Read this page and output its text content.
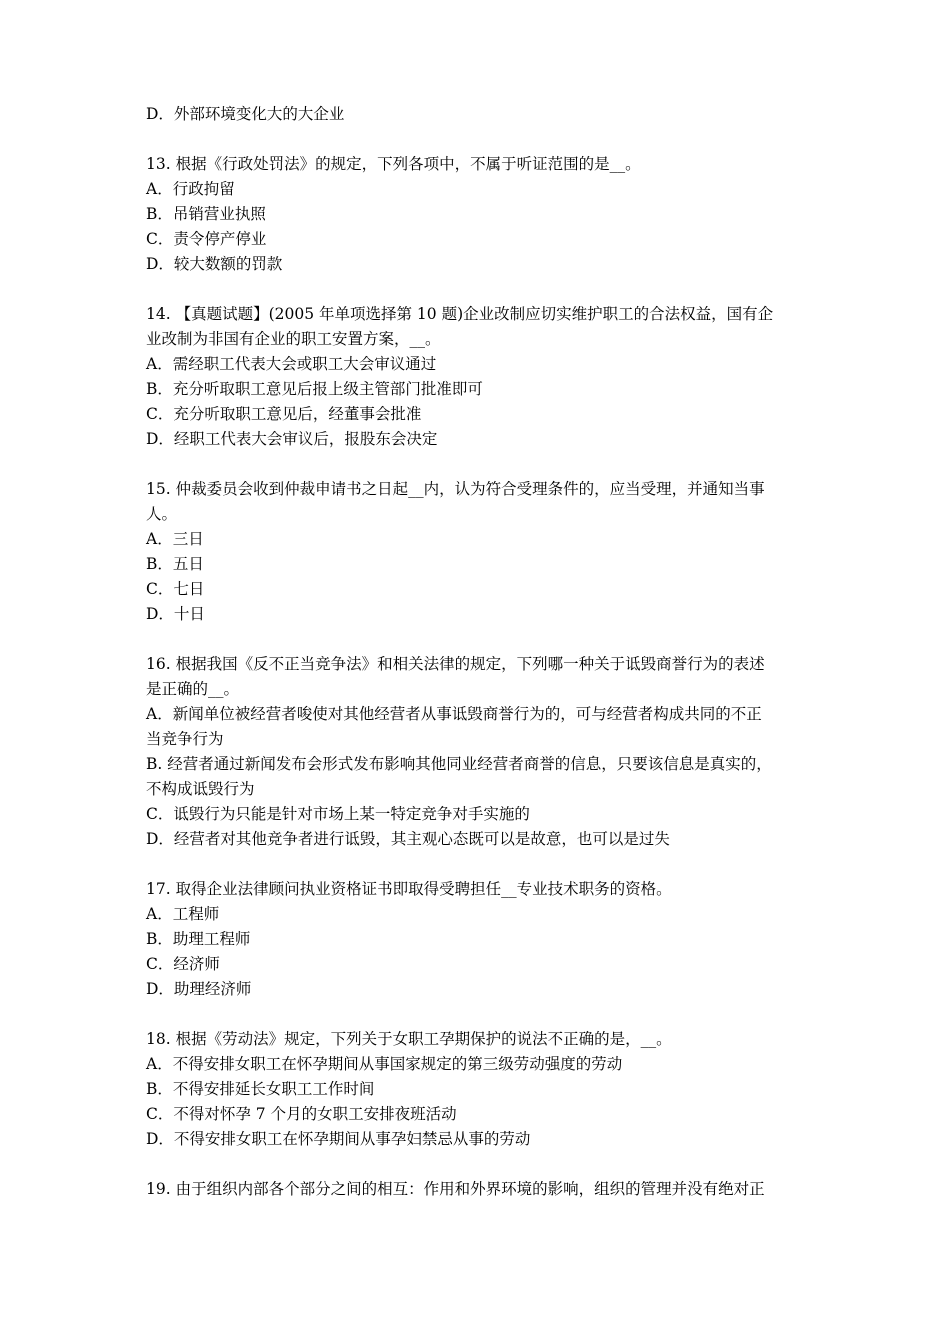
D．外部环境变化大的大企业
13. 根据《行政处罚法》的规定，下列各项中，不属于听证范围的是__。
A．行政拘留
B．吊销营业执照
C．责令停产停业
D．较大数额的罚款
14. 【真题试题】(2005 年单项选择第 10 题)企业改制应切实维护职工的合法权益，国有企
业改制为非国有企业的职工安置方案，__。
A．需经职工代表大会或职工大会审议通过
B．充分听取职工意见后报上级主管部门批准即可
C．充分听取职工意见后，经董事会批准
D．经职工代表大会审议后，报股东会决定
15. 仲裁委员会收到仲裁申请书之日起__内，认为符合受理条件的，应当受理，并通知当事
人。
A．三日
B．五日
C．七日
D．十日
16. 根据我国《反不正当竞争法》和相关法律的规定，下列哪一种关于诋毁商誉行为的表述
是正确的__。
A．新闻单位被经营者唆使对其他经营者从事诋毁商誉行为的，可与经营者构成共同的不正
当竞争行为
B. 经营者通过新闻发布会形式发布影响其他同业经营者商誉的信息，只要该信息是真实的，
不构成诋毁行为
C．诋毁行为只能是针对市场上某一特定竞争对手实施的
D．经营者对其他竞争者进行诋毁，其主观心态既可以是故意，也可以是过失
17. 取得企业法律顾问执业资格证书即取得受聘担任__专业技术职务的资格。
A．工程师
B．助理工程师
C．经济师
D．助理经济师
18. 根据《劳动法》规定，下列关于女职工孕期保护的说法不正确的是，__。
A．不得安排女职工在怀孕期间从事国家规定的第三级劳动强度的劳动
B．不得安排延长女职工工作时间
C．不得对怀孕 7 个月的女职工安排夜班活动
D．不得安排女职工在怀孕期间从事孕妇禁忌从事的劳动
19. 由于组织内部各个部分之间的相互：作用和外界环境的影响，组织的管理并没有绝对正
